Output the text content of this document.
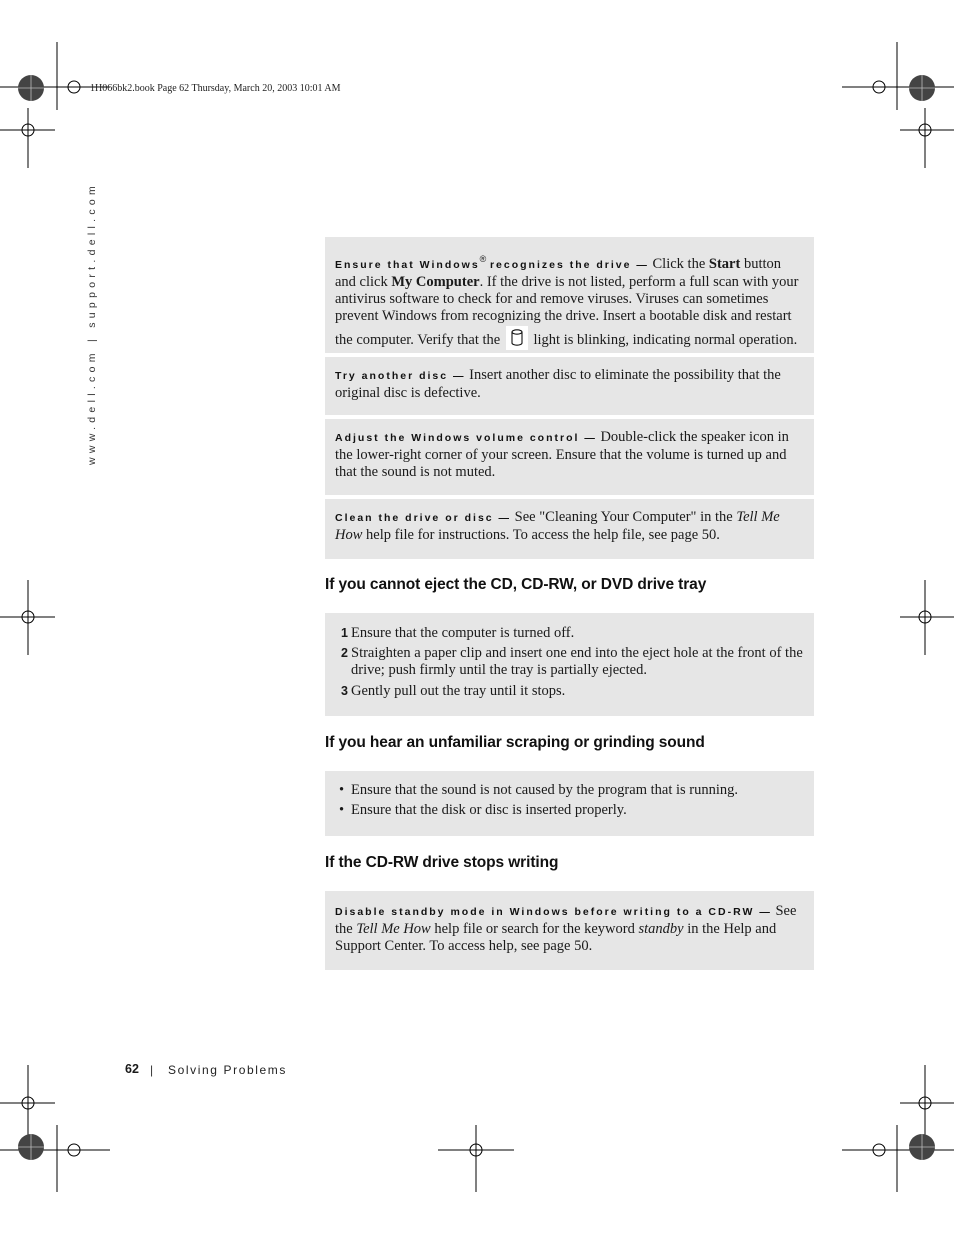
1H066bk2.book Page 62 Thursday, March 20, 2003 10:01 AM
www.dell.com | support.dell.com	Ensure that Windows® recognizes the drive — Click the Start button and click My Computer. If the drive is not listed, perform a full scan with your antivirus software to check for and remove viruses. Viruses can sometimes prevent Windows from recognizing the drive. Insert a bootable disk and restart the computer. Verify that the
light is blinking, indicating normal operation.
Try another disc — Insert another disc to eliminate the possibility that the original disc is defective.
Adjust the Windows volume control — Double-click the speaker icon in the lower-right corner of your screen. Ensure that the volume is turned up and that the sound is not muted.
Clean the drive or disc — See "Cleaning Your Computer" in the Tell Me How help file for instructions. To access the help file, see page 50.
If you cannot eject the CD, CD-RW, or DVD drive tray
1 Ensure that the computer is turned off.
2 Straighten a paper clip and insert one end into the eject hole at the front of the drive; push firmly until the tray is partially ejected.
3 Gently pull out the tray until it stops.
If you hear an unfamiliar scraping or grinding sound
• Ensure that the sound is not caused by the program that is running.
• Ensure that the disk or disc is inserted properly.
If the CD-RW drive stops writing
Disable standby mode in Windows before writing to a CD-RW — See the Tell Me How help file or search for the keyword standby in the Help and Support Center. To access help, see page 50.
62 | Solving Problems
